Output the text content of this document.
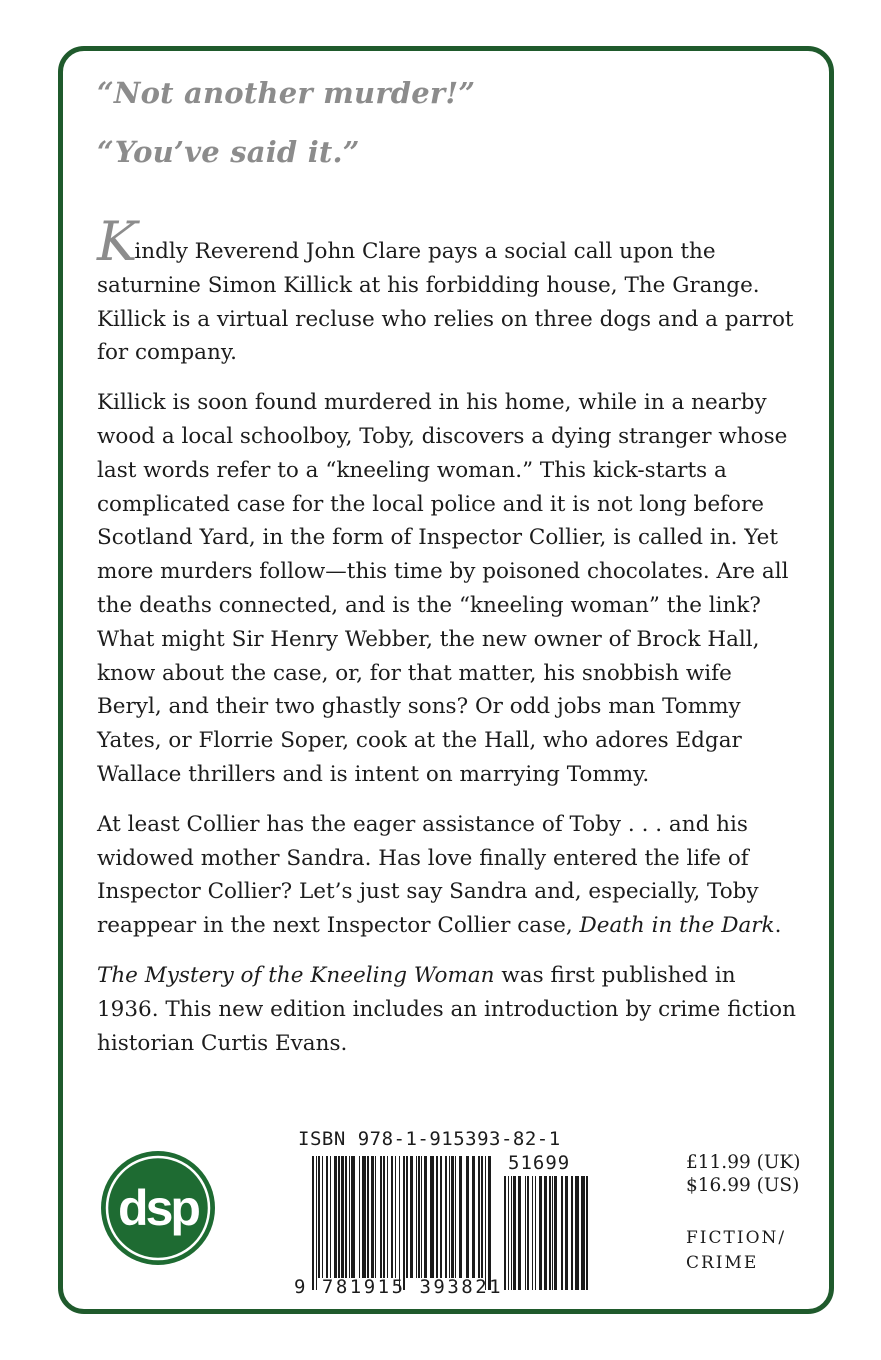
“Not another murder!”

“You’ve said it.”

Kindly Reverend John Clare pays a social call upon the saturnine Simon Killick at his forbidding house, The Grange. Killick is a virtual recluse who relies on three dogs and a parrot for company.

Killick is soon found murdered in his home, while in a nearby wood a local schoolboy, Toby, discovers a dying stranger whose last words refer to a “kneeling woman.” This kick-starts a complicated case for the local police and it is not long before Scotland Yard, in the form of Inspector Collier, is called in. Yet more murders follow—this time by poisoned chocolates. Are all the deaths connected, and is the “kneeling woman” the link? What might Sir Henry Webber, the new owner of Brock Hall, know about the case, or, for that matter, his snobbish wife Beryl, and their two ghastly sons? Or odd jobs man Tommy Yates, or Florrie Soper, cook at the Hall, who adores Edgar Wallace thrillers and is intent on marrying Tommy.

At least Collier has the eager assistance of Toby . . . and his widowed mother Sandra. Has love finally entered the life of Inspector Collier? Let’s just say Sandra and, especially, Toby reappear in the next Inspector Collier case, Death in the Dark.

The Mystery of the Kneeling Woman was first published in 1936. This new edition includes an introduction by crime fiction historian Curtis Evans.

dsp

ISBN 978-1-915393-82-1

51699

9 781915 393821

£11.99 (UK)
$16.99 (US)
FICTION/
CRIME
